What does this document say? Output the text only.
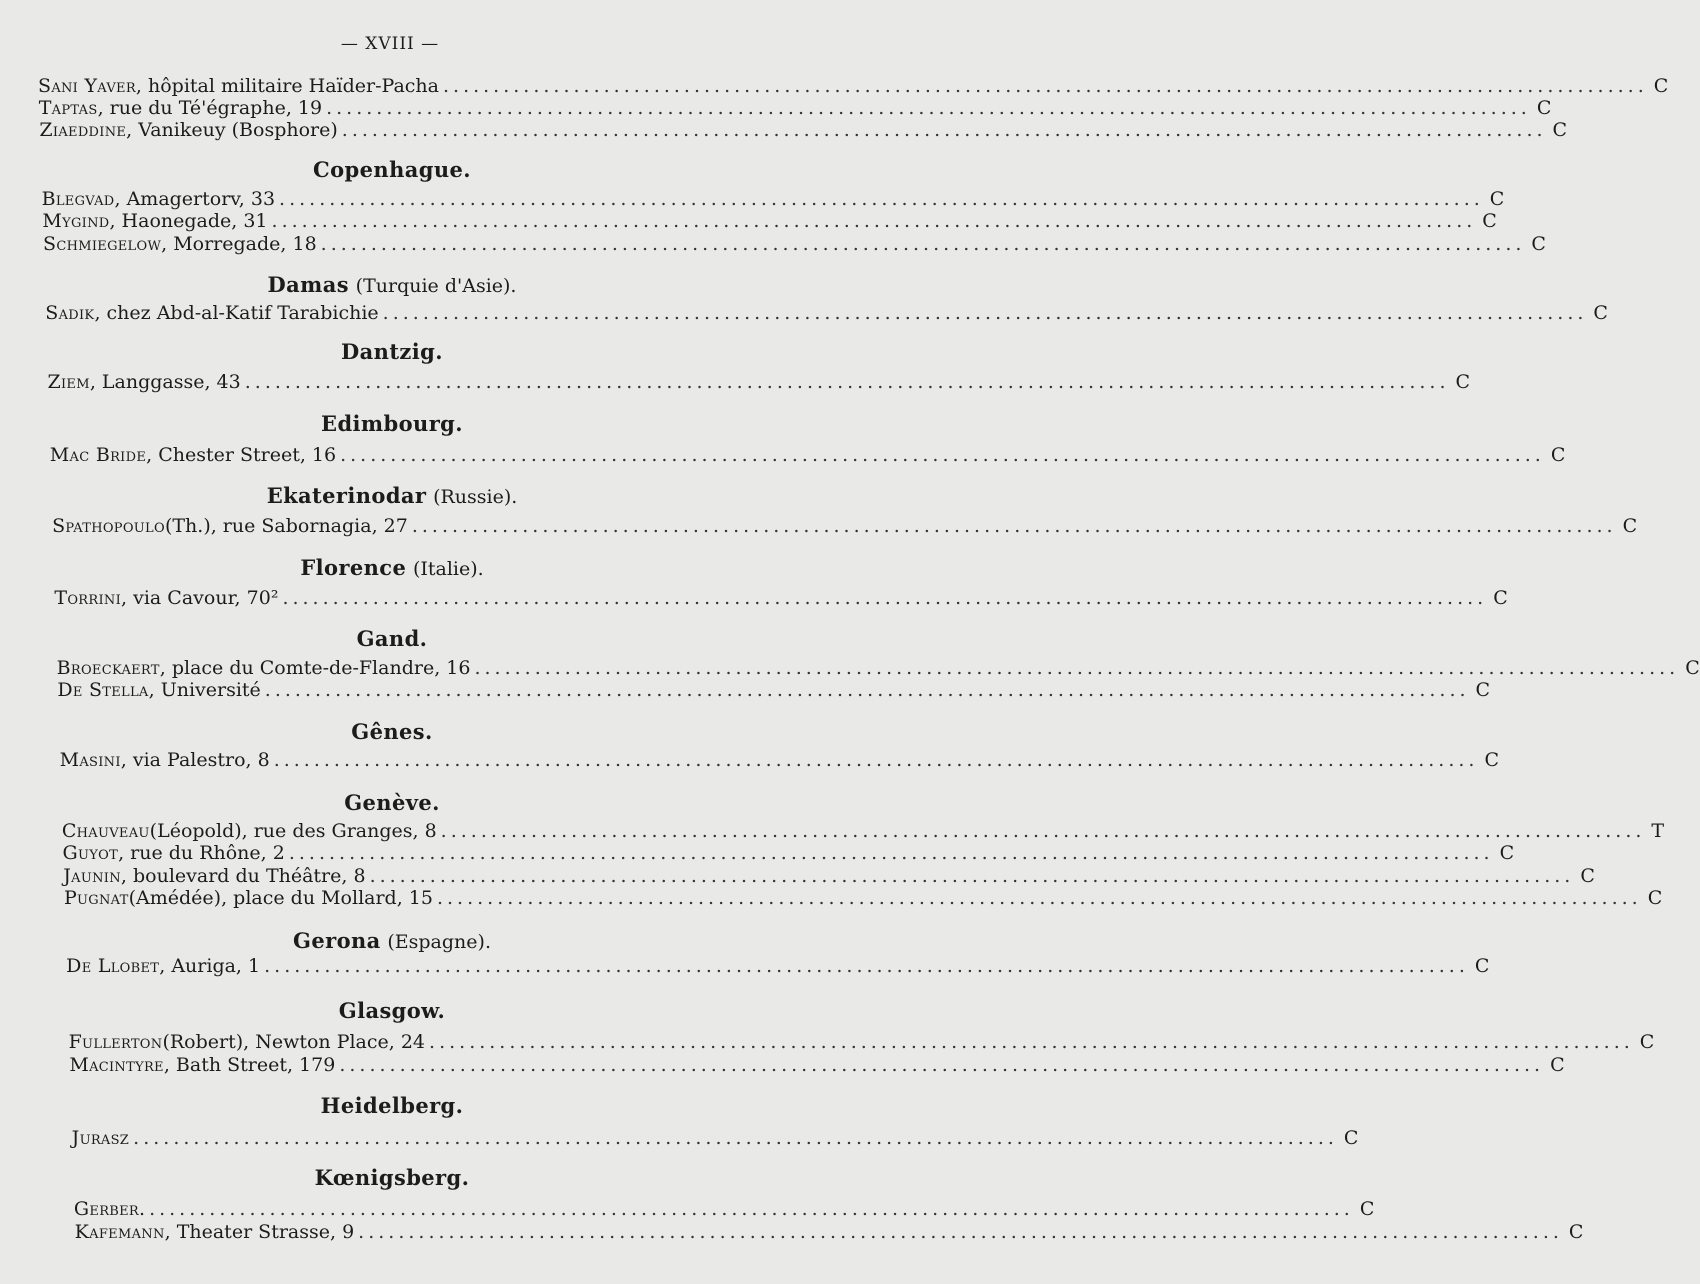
— XVIII —
Sani Yaver , hôpital militaire Haïder-Pacha ........................................................................................................................ C
Taptas , rue du Té'égraphe, 19 ........................................................................................................................ C
Ziaeddine , Vanikeuy (Bosphore) ........................................................................................................................ C
Copenhague.
Blegvad , Amagertorv, 33 ........................................................................................................................ C
Mygind , Haonegade, 31 ........................................................................................................................ C
Schmiegelow , Morregade, 18 ........................................................................................................................ C
Damas (Turquie d'Asie).
Sadik , chez Abd-al-Katif Tarabichie ........................................................................................................................ C
Dantzig.
Ziem , Langgasse, 43 ........................................................................................................................ C
Edimbourg.
Mac Bride , Chester Street, 16 ........................................................................................................................ C
Ekaterinodar (Russie).
Spathopoulo (Th.), rue Sabornagia, 27 ........................................................................................................................ C
Florence (Italie).
Torrini , via Cavour, 70² ........................................................................................................................ C
Gand.
Broeckaert , place du Comte-de-Flandre, 16 ........................................................................................................................ C
De Stella , Université ........................................................................................................................ C
Gênes.
Masini , via Palestro, 8 ........................................................................................................................ C
Genève.
Chauveau (Léopold), rue des Granges, 8 ........................................................................................................................ T
Guyot , rue du Rhône, 2 ........................................................................................................................ C
Jaunin , boulevard du Théâtre, 8 ........................................................................................................................ C
Pugnat (Amédée), place du Mollard, 15 ........................................................................................................................ C
Gerona (Espagne).
De Llobet , Auriga, 1 ........................................................................................................................ C
Glasgow.
Fullerton (Robert), Newton Place, 24 ........................................................................................................................ C
Macintyre , Bath Street, 179 ........................................................................................................................ C
Heidelberg.
Jurasz ........................................................................................................................ C
Kœnigsberg.
Gerber . ........................................................................................................................ C
Kafemann , Theater Strasse, 9 ........................................................................................................................ C
